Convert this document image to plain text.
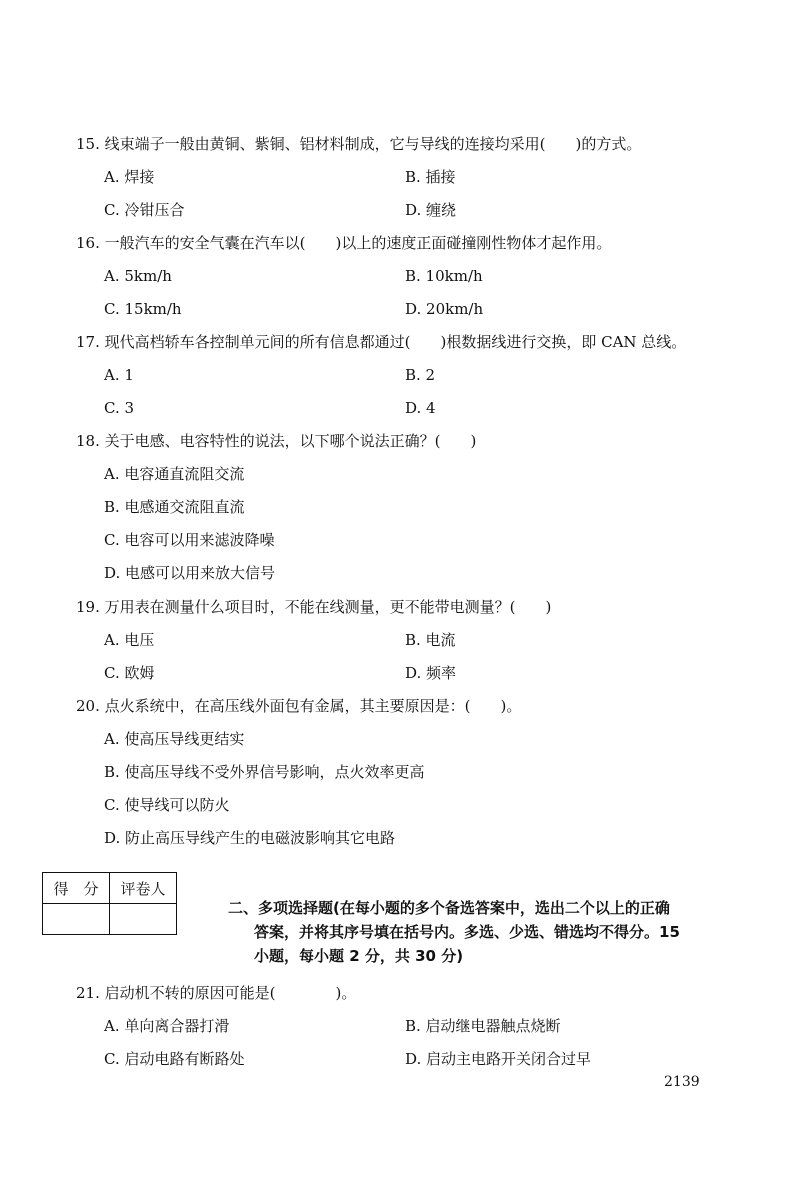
15. 线束端子一般由黄铜、紫铜、铝材料制成，它与导线的连接均采用(　　)的方式。
A. 焊接	B. 插接
C. 冷钳压合	D. 缠绕
16. 一般汽车的安全气囊在汽车以(　　)以上的速度正面碰撞刚性物体才起作用。
A. 5km/h	B. 10km/h
C. 15km/h	D. 20km/h
17. 现代高档轿车各控制单元间的所有信息都通过(　　)根数据线进行交换，即 CAN 总线。
A. 1	B. 2
C. 3	D. 4
18. 关于电感、电容特性的说法，以下哪个说法正确？(　　)
A. 电容通直流阻交流
B. 电感通交流阻直流
C. 电容可以用来滤波降噪
D. 电感可以用来放大信号
19. 万用表在测量什么项目时，不能在线测量，更不能带电测量？(　　)
A. 电压	B. 电流
C. 欧姆	D. 频率
20. 点火系统中，在高压线外面包有金属，其主要原因是：(　　)。
A. 使高压导线更结实
B. 使高压导线不受外界信号影响，点火效率更高
C. 使导线可以防火
D. 防止高压导线产生的电磁波影响其它电路
得　分	评卷人

二、多项选择题(在每小题的多个备选答案中，选出二个以上的正确
答案，并将其序号填在括号内。多选、少选、错选均不得分。15
小题，每小题 2 分，共 30 分)
21. 启动机不转的原因可能是(　　　　)。
A. 单向离合器打滑	B. 启动继电器触点烧断
C. 启动电路有断路处	D. 启动主电路开关闭合过早
2139
